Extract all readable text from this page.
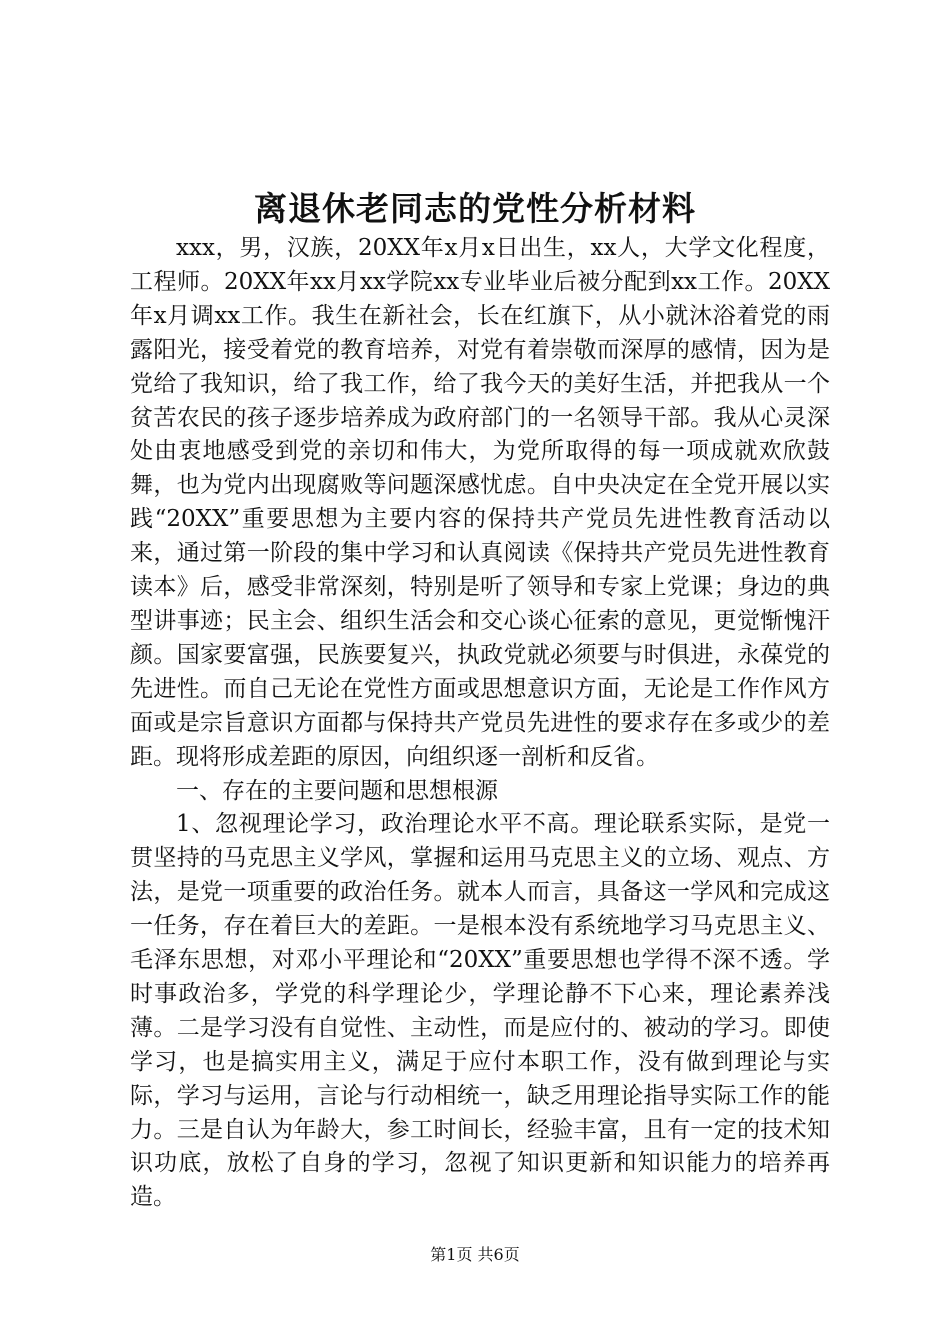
离退休老同志的党性分析材料

xxx，男，汉族，20XX年x月x日出生，xx人，大学文化程度，工程师。20XX年xx月xx学院xx专业毕业后被分配到xx工作。20XX年x月调xx工作。我生在新社会，长在红旗下，从小就沐浴着党的雨露阳光，接受着党的教育培养，对党有着崇敬而深厚的感情，因为是党给了我知识，给了我工作，给了我今天的美好生活，并把我从一个贫苦农民的孩子逐步培养成为政府部门的一名领导干部。我从心灵深处由衷地感受到党的亲切和伟大，为党所取得的每一项成就欢欣鼓舞，也为党内出现腐败等问题深感忧虑。自中央决定在全党开展以实践“20XX”重要思想为主要内容的保持共产党员先进性教育活动以来，通过第一阶段的集中学习和认真阅读《保持共产党员先进性教育读本》后，感受非常深刻，特别是听了领导和专家上党课；身边的典型讲事迹；民主会、组织生活会和交心谈心征索的意见，更觉惭愧汗颜。国家要富强，民族要复兴，执政党就必须要与时俱进，永葆党的先进性。而自己无论在党性方面或思想意识方面，无论是工作作风方面或是宗旨意识方面都与保持共产党员先进性的要求存在多或少的差距。现将形成差距的原因，向组织逐一剖析和反省。

一、存在的主要问题和思想根源

1、忽视理论学习，政治理论水平不高。理论联系实际，是党一贯坚持的马克思主义学风，掌握和运用马克思主义的立场、观点、方法，是党一项重要的政治任务。就本人而言，具备这一学风和完成这一任务，存在着巨大的差距。一是根本没有系统地学习马克思主义、毛泽东思想，对邓小平理论和“20XX”重要思想也学得不深不透。学时事政治多，学党的科学理论少，学理论静不下心来，理论素养浅薄。二是学习没有自觉性、主动性，而是应付的、被动的学习。即使学习，也是搞实用主义，满足于应付本职工作，没有做到理论与实际，学习与运用，言论与行动相统一，缺乏用理论指导实际工作的能力。三是自认为年龄大，参工时间长，经验丰富，且有一定的技术知识功底，放松了自身的学习，忽视了知识更新和知识能力的培养再造。

第1页 共6页
